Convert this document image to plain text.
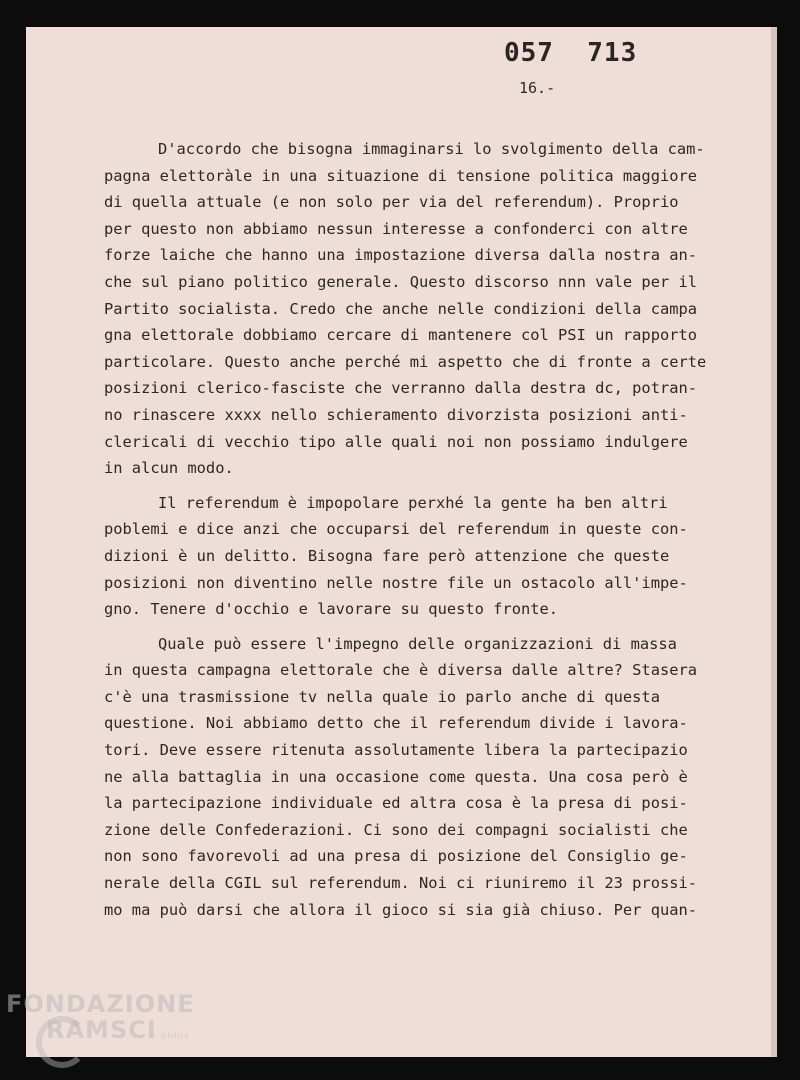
057  713
16.-
D'accordo che bisogna immaginarsi lo svolgimento della cam-
pagna elettoràle in una situazione di tensione politica maggiore
di quella attuale (e non solo per via del referendum). Proprio
per questo non abbiamo nessun interesse a confonderci con altre
forze laiche che hanno una impostazione diversa dalla nostra an-
che sul piano politico generale. Questo discorso nnn vale per il
Partito socialista. Credo che anche nelle condizioni della campa
gna elettorale dobbiamo cercare di mantenere col PSI un rapporto
particolare. Questo anche perché mi aspetto che di fronte a certe
posizioni clerico-fasciste che verranno dalla destra dc, potran-
no rinascere xxxx nello schieramento divorzista posizioni anti-
clericali di vecchio tipo alle quali noi non possiamo indulgere
in alcun modo.
Il referendum è impopolare perxhé la gente ha ben altri
poblemi e dice anzi che occuparsi del referendum in queste con-
dizioni è un delitto. Bisogna fare però attenzione che queste
posizioni non diventino nelle nostre file un ostacolo all'impe-
gno. Tenere d'occhio e lavorare su questo fronte.
Quale può essere l'impegno delle organizzazioni di massa
in questa campagna elettorale che è diversa dalle altre? Stasera
c'è una trasmissione tv nella quale io parlo anche di questa
questione. Noi abbiamo detto che il referendum divide i lavora-
tori. Deve essere ritenuta assolutamente libera la partecipazio
ne alla battaglia in una occasione come questa. Una cosa però è
la partecipazione individuale ed altra cosa è la presa di posi-
zione delle Confederazioni. Ci sono dei compagni socialisti che
non sono favorevoli ad una presa di posizione del Consiglio ge-
nerale della CGIL sul referendum. Noi ci riuniremo il 23 prossi-
mo ma può darsi che allora il gioco si sia già chiuso. Per quan-
FONDAZIONE
RAMSCI onlus
